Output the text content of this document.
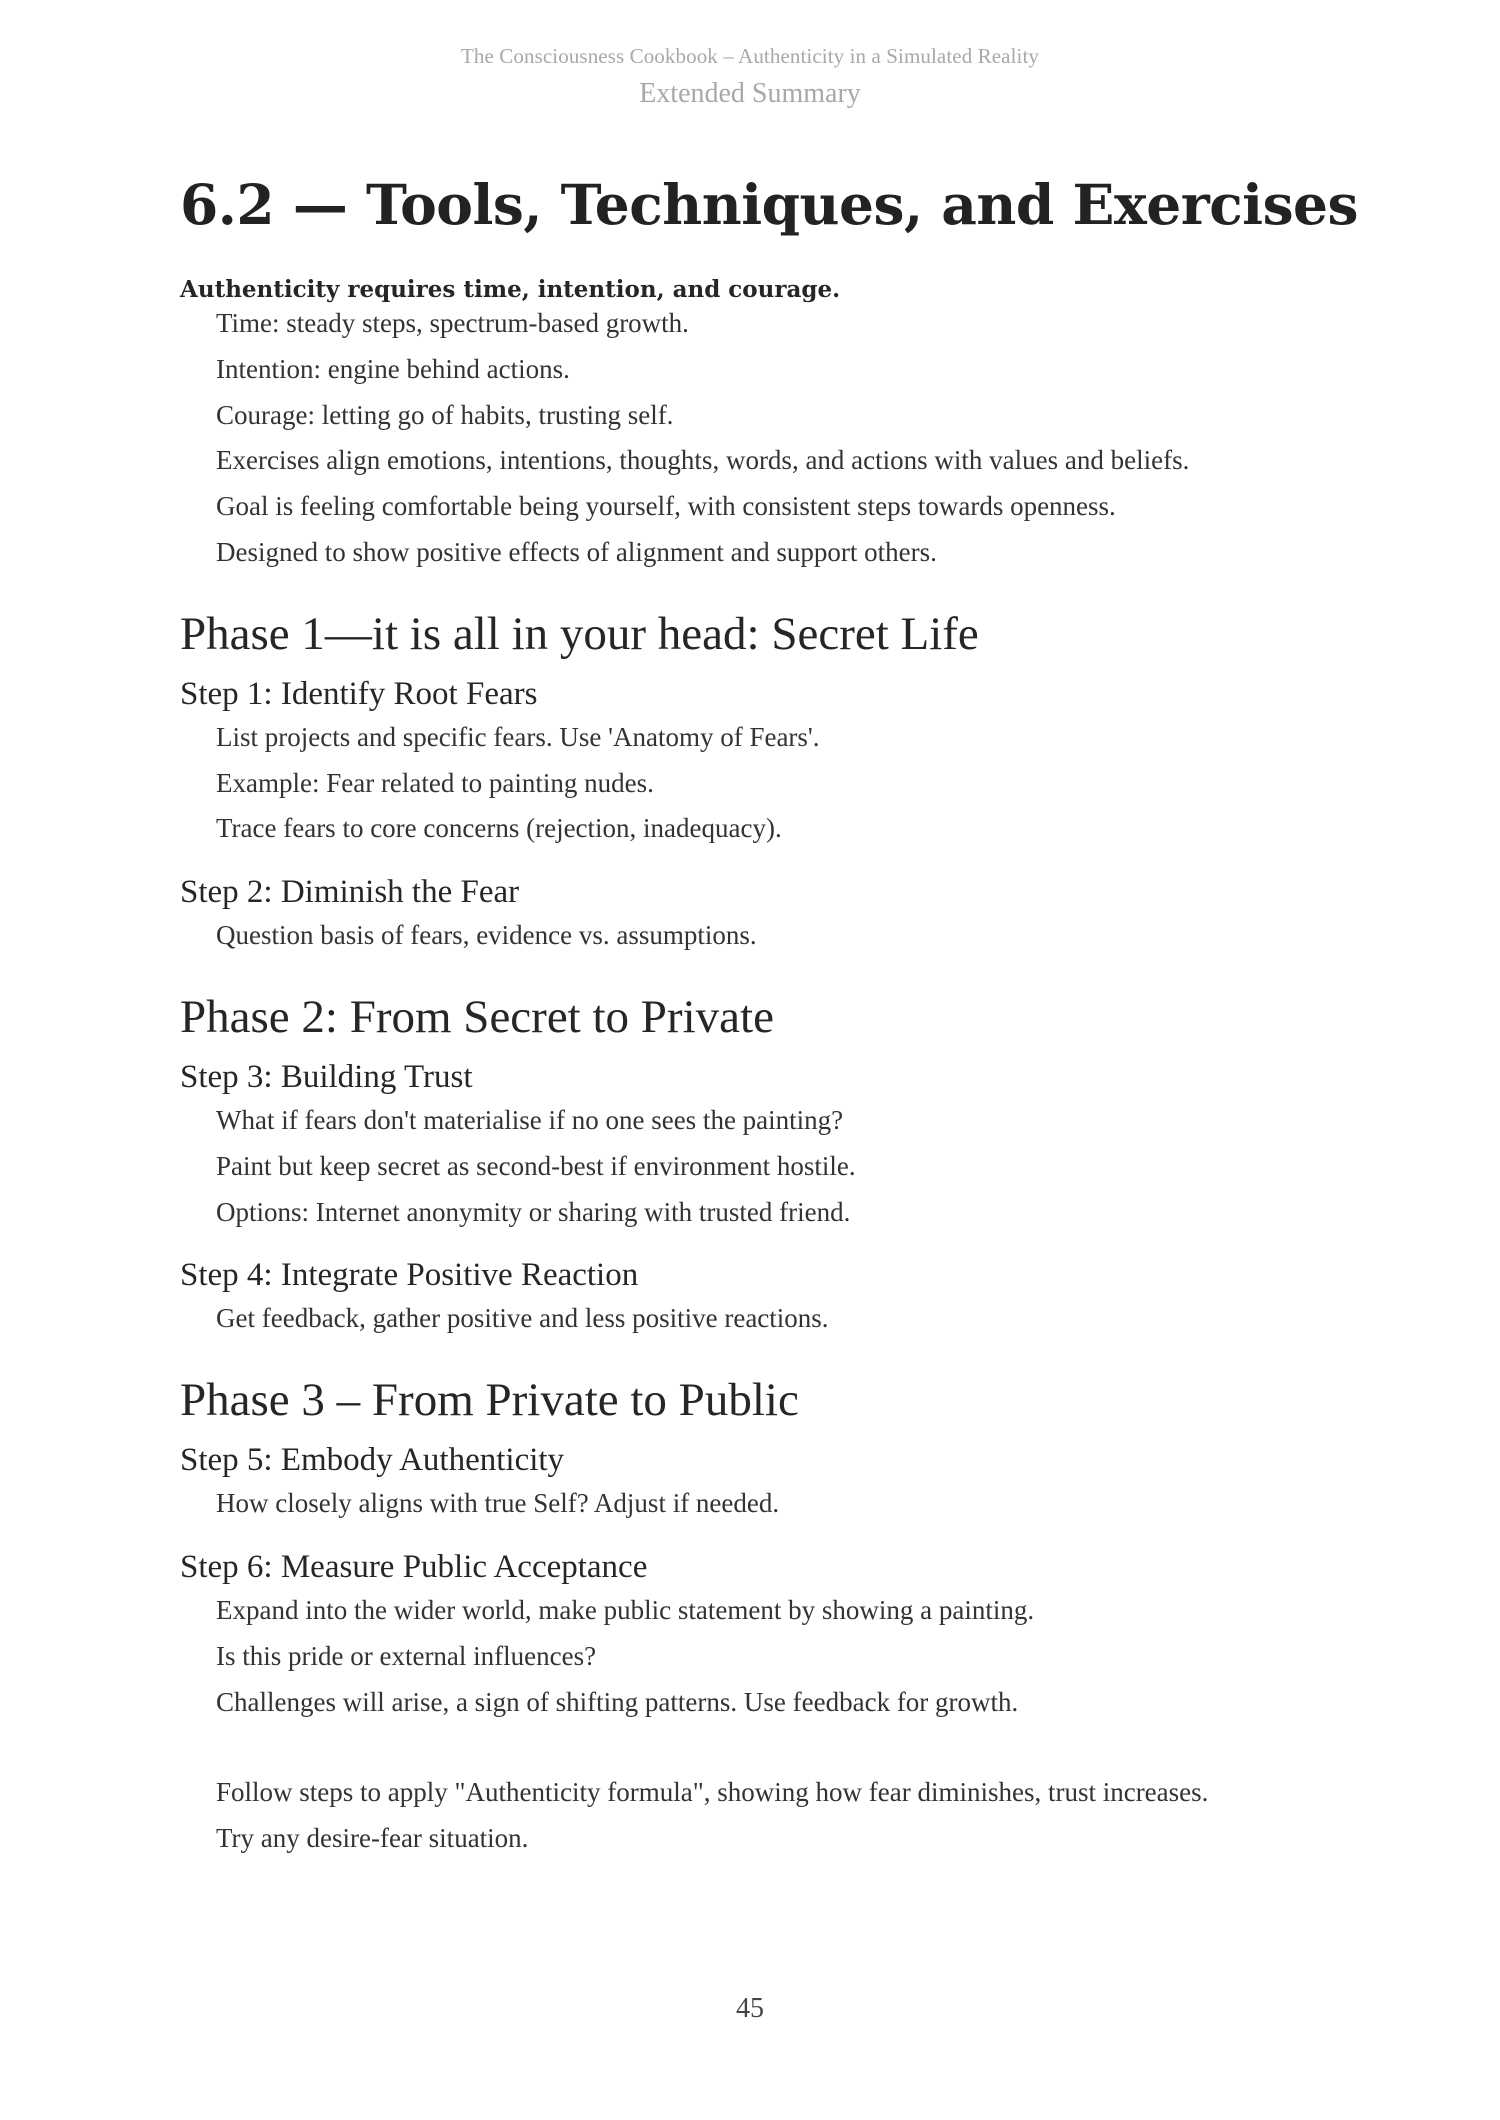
The Consciousness Cookbook – Authenticity in a Simulated Reality
Extended Summary
6.2 — Tools, Techniques, and Exercises
Authenticity requires time, intention, and courage.
Time: steady steps, spectrum-based growth.
Intention: engine behind actions.
Courage: letting go of habits, trusting self.
Exercises align emotions, intentions, thoughts, words, and actions with values and beliefs.
Goal is feeling comfortable being yourself, with consistent steps towards openness.
Designed to show positive effects of alignment and support others.
Phase 1—it is all in your head: Secret Life
Step 1: Identify Root Fears
List projects and specific fears. Use 'Anatomy of Fears'.
Example: Fear related to painting nudes.
Trace fears to core concerns (rejection, inadequacy).
Step 2: Diminish the Fear
Question basis of fears, evidence vs. assumptions.
Phase 2: From Secret to Private
Step 3: Building Trust
What if fears don't materialise if no one sees the painting?
Paint but keep secret as second-best if environment hostile.
Options: Internet anonymity or sharing with trusted friend.
Step 4: Integrate Positive Reaction
Get feedback, gather positive and less positive reactions.
Phase 3 – From Private to Public
Step 5: Embody Authenticity
How closely aligns with true Self? Adjust if needed.
Step 6: Measure Public Acceptance
Expand into the wider world, make public statement by showing a painting.
Is this pride or external influences?
Challenges will arise, a sign of shifting patterns. Use feedback for growth.
Follow steps to apply "Authenticity formula", showing how fear diminishes, trust increases.
Try any desire-fear situation.
45
